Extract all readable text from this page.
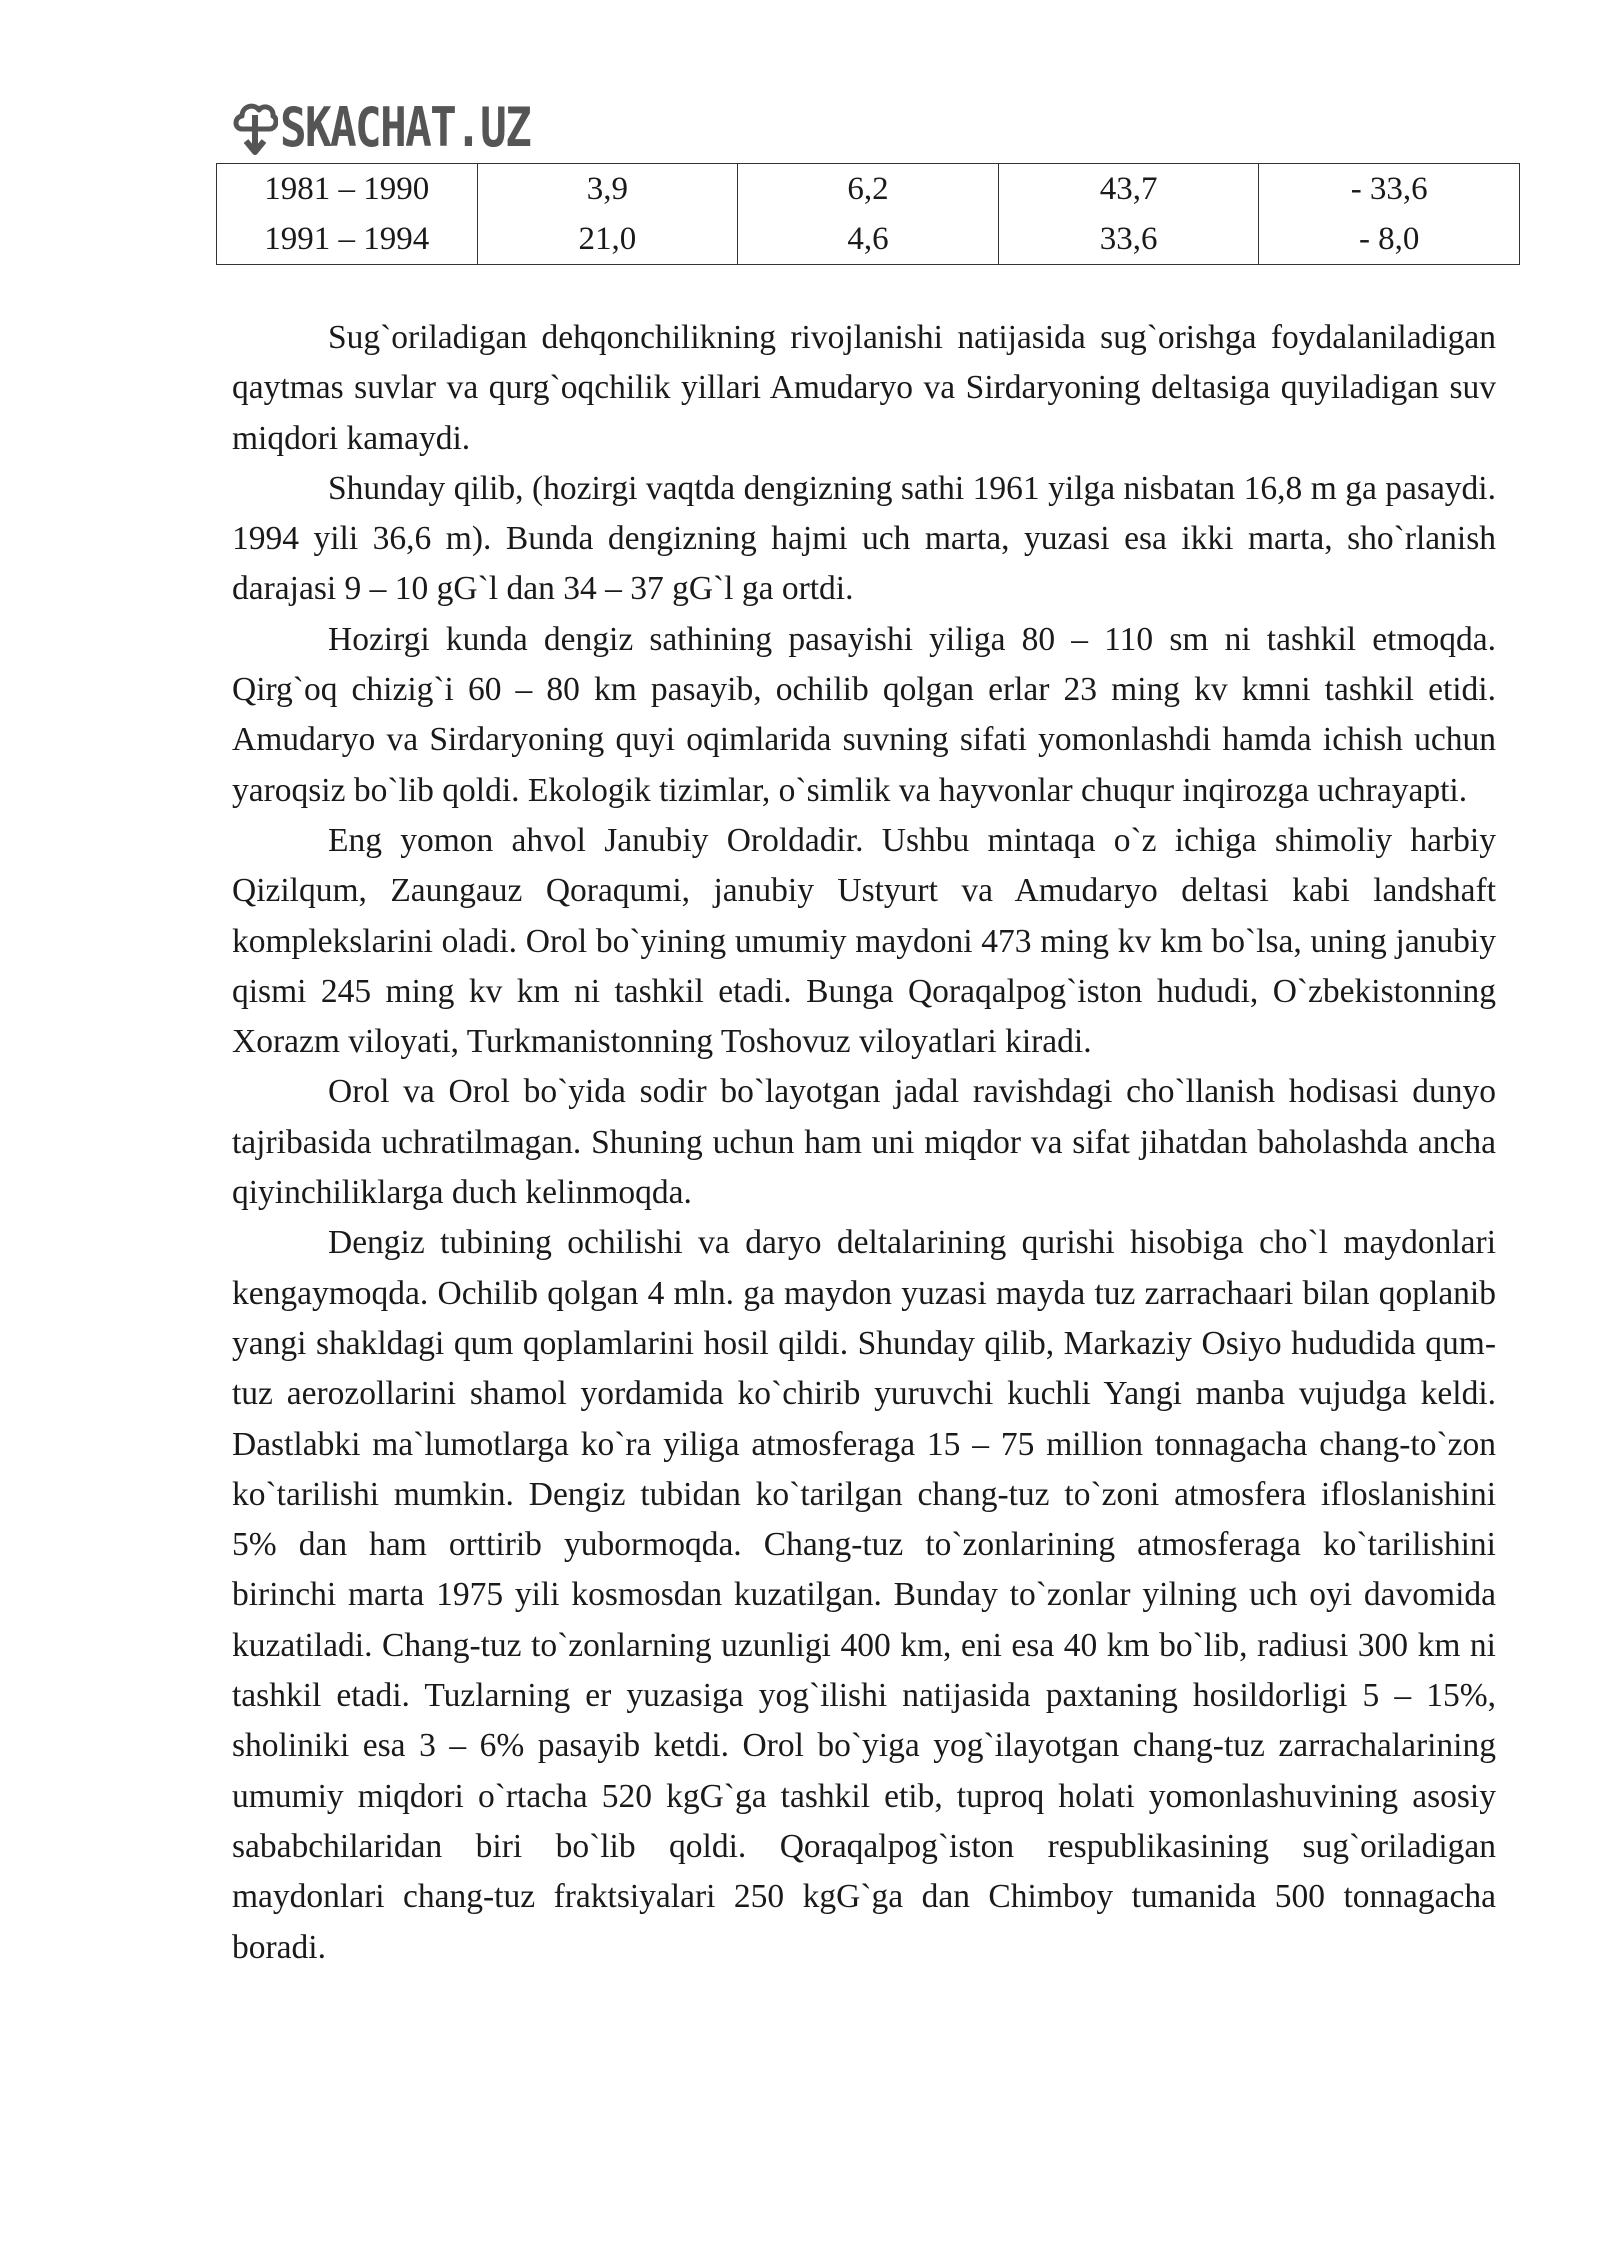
SKACHAT.UZ
1981 – 1990	3,9	6,2	43,7	- 33,6
1991 – 1994	21,0	4,6	33,6	- 8,0

Sug`oriladigan dehqonchilikning rivojlanishi natijasida sug`orishga foydalaniladigan qaytmas suvlar va qurg`oqchilik yillari Amudaryo va Sirdaryoning deltasiga quyiladigan suv miqdori kamaydi.

Shunday qilib, (hozirgi vaqtda dengizning sathi 1961 yilga nisbatan 16,8 m ga pasaydi. 1994 yili 36,6 m). Bunda dengizning hajmi uch marta, yuzasi esa ikki marta, sho`rlanish darajasi 9 – 10 gG`l dan 34 – 37 gG`l ga ortdi.

Hozirgi kunda dengiz sathining pasayishi yiliga 80 – 110 sm ni tashkil etmoqda. Qirg`oq chizig`i 60 – 80 km pasayib, ochilib qolgan erlar 23 ming kv kmni tashkil etidi. Amudaryo va Sirdaryoning quyi oqimlarida suvning sifati yomonlashdi hamda ichish uchun yaroqsiz bo`lib qoldi. Ekologik tizimlar, o`simlik va hayvonlar chuqur inqirozga uchrayapti.

Eng yomon ahvol Janubiy Oroldadir. Ushbu mintaqa o`z ichiga shimoliy harbiy Qizilqum, Zaungauz Qoraqumi, janubiy Ustyurt va Amudaryo deltasi kabi landshaft komplekslarini oladi. Orol bo`yining umumiy maydoni 473 ming kv km bo`lsa, uning janubiy qismi 245 ming kv km ni tashkil etadi. Bunga Qoraqalpog`iston hududi, O`zbekistonning Xorazm viloyati, Turkmanistonning Toshovuz viloyatlari kiradi.

Orol va Orol bo`yida sodir bo`layotgan jadal ravishdagi cho`llanish hodisasi dunyo tajribasida uchratilmagan. Shuning uchun ham uni miqdor va sifat jihatdan baholashda ancha qiyinchiliklarga duch kelinmoqda.

Dengiz tubining ochilishi va daryo deltalarining qurishi hisobiga cho`l maydonlari kengaymoqda. Ochilib qolgan 4 mln. ga maydon yuzasi mayda tuz zarrachaari bilan qoplanib yangi shakldagi qum qoplamlarini hosil qildi. Shunday qilib, Markaziy Osiyo hududida qum-tuz aerozollarini shamol yordamida ko`chirib yuruvchi kuchli Yangi manba vujudga keldi. Dastlabki ma`lumotlarga ko`ra yiliga atmosferaga 15 – 75 million tonnagacha chang-to`zon ko`tarilishi mumkin. Dengiz tubidan ko`tarilgan chang-tuz to`zoni atmosfera ifloslanishini 5% dan ham orttirib yubormoqda. Chang-tuz to`zonlarining atmosferaga ko`tarilishini birinchi marta 1975 yili kosmosdan kuzatilgan. Bunday to`zonlar yilning uch oyi davomida kuzatiladi. Chang-tuz to`zonlarning uzunligi 400 km, eni esa 40 km bo`lib, radiusi 300 km ni tashkil etadi. Tuzlarning er yuzasiga yog`ilishi natijasida paxtaning hosildorligi 5 – 15%, sholiniki esa 3 – 6% pasayib ketdi. Orol bo`yiga yog`ilayotgan chang-tuz zarrachalarining umumiy miqdori o`rtacha 520 kgG`ga tashkil etib, tuproq holati yomonlashuvining asosiy sababchilaridan biri bo`lib qoldi. Qoraqalpog`iston respublikasining sug`oriladigan maydonlari chang-tuz fraktsiyalari 250 kgG`ga dan Chimboy tumanida 500 tonnagacha boradi.
